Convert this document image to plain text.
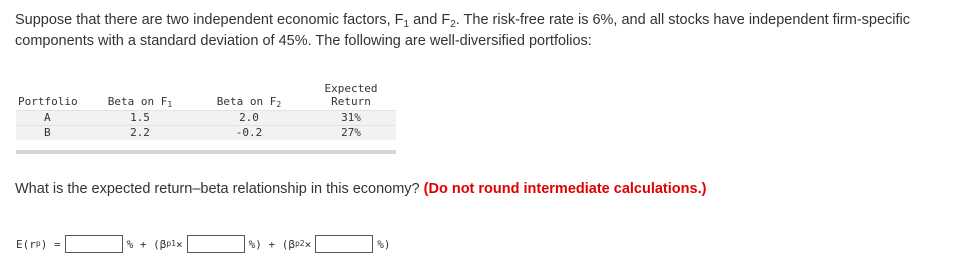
Suppose that there are two independent economic factors, $F_1$ and $F_2$. The risk-free rate is 6%, and all stocks have independent firm-specific components with a standard deviation of 45%. The following are well-diversified portfolios:
Portfolio	Beta on $F_1$	Beta on $F_2$	Expected
Return
A	1.5	2.0	31%
B	2.2	-0.2	27%
What is the expected return–beta relationship in this economy? (Do not round intermediate calculations.)
E(r p ) =	% + (β p1 ×	%) + (β p2 ×	%)
